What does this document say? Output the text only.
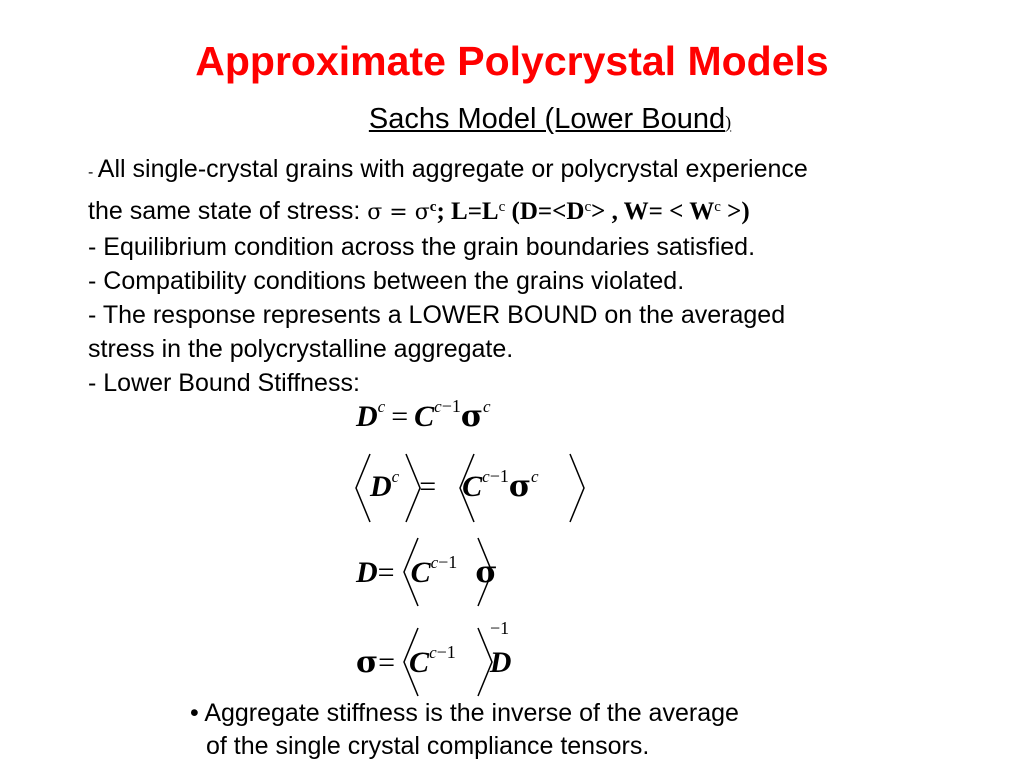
Approximate Polycrystal Models
Sachs Model (Lower Bound)
- All single-crystal grains with aggregate or polycrystal experience
the same state of stress: $\sigma = \sigma^c$; $L=L^c$ ($D=<D^c>$ , $W= < W^c$ >)
- Equilibrium condition across the grain boundaries satisfied.
- Compatibility conditions between the grains violated.
- The response represents a LOWER BOUND on the averaged
stress in the polycrystalline aggregate.
- Lower Bound Stiffness:
$D^c = C^{c-1}\sigma^c$
$D^c = C^{c-1}\sigma^c$
$D= C^{c-1}$ σ
$\sigma= C^{c-1}$ D
−1
• Aggregate stiffness is the inverse of the average
of the single crystal compliance tensors.
